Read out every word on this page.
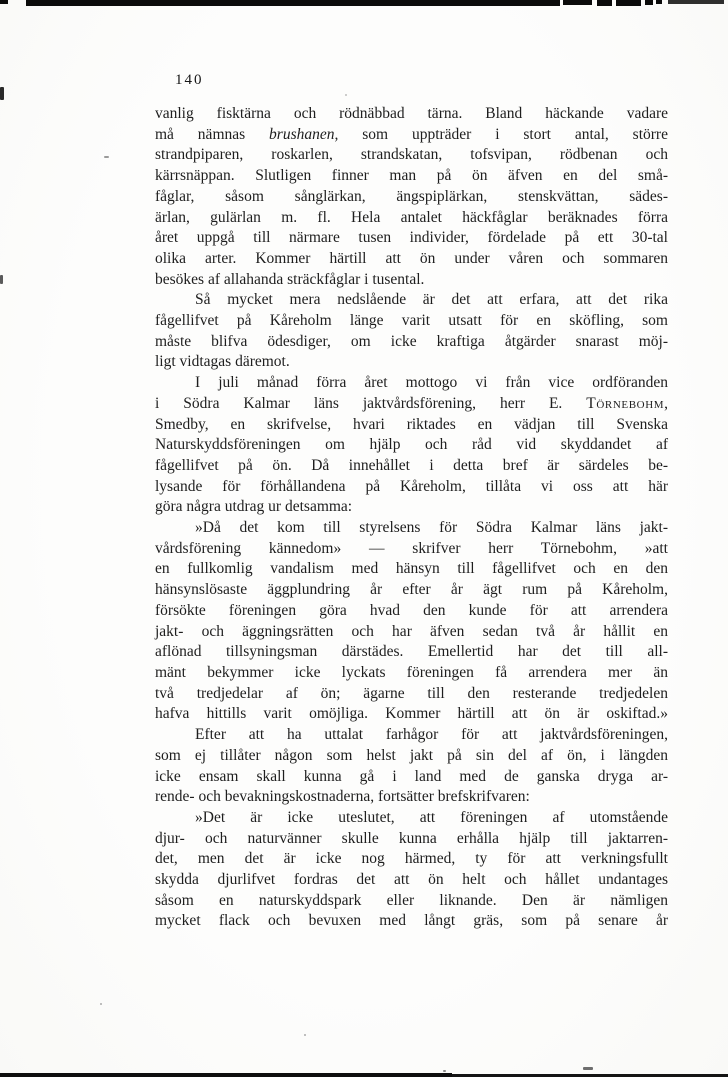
140
vanlig fisktärna och rödnäbbad tärna. Bland häckande vadare
må nämnas brushanen, som uppträder i stort antal, större
strandpiparen, roskarlen, strandskatan, tofsvipan, rödbenan och
kärrsnäppan. Slutligen finner man på ön äfven en del små-
fåglar, såsom sånglärkan, ängspiplärkan, stenskvättan, sädes-
ärlan, gulärlan m. fl. Hela antalet häckfåglar beräknades förra
året uppgå till närmare tusen individer, fördelade på ett 30-tal
olika arter. Kommer härtill att ön under våren och sommaren
besökes af allahanda sträckfåglar i tusental.
Så mycket mera nedslående är det att erfara, att det rika
fågellifvet på Kåreholm länge varit utsatt för en sköfling, som
måste blifva ödesdiger, om icke kraftiga åtgärder snarast möj-
ligt vidtagas däremot.
I juli månad förra året mottogo vi från vice ordföranden
i Södra Kalmar läns jaktvårdsförening, herr E. Törnebohm,
Smedby, en skrifvelse, hvari riktades en vädjan till Svenska
Naturskyddsföreningen om hjälp och råd vid skyddandet af
fågellifvet på ön. Då innehållet i detta bref är särdeles be-
lysande för förhållandena på Kåreholm, tillåta vi oss att här
göra några utdrag ur detsamma:
»Då det kom till styrelsens för Södra Kalmar läns jakt-
vårdsförening kännedom» — skrifver herr Törnebohm, »att
en fullkomlig vandalism med hänsyn till fågellifvet och en den
hänsynslösaste äggplundring år efter år ägt rum på Kåreholm,
försökte föreningen göra hvad den kunde för att arrendera
jakt- och äggningsrätten och har äfven sedan två år hållit en
aflönad tillsyningsman därstädes. Emellertid har det till all-
mänt bekymmer icke lyckats föreningen få arrendera mer än
två tredjedelar af ön; ägarne till den resterande tredjedelen
hafva hittills varit omöjliga. Kommer härtill att ön är oskiftad.»
Efter att ha uttalat farhågor för att jaktvårdsföreningen,
som ej tillåter någon som helst jakt på sin del af ön, i längden
icke ensam skall kunna gå i land med de ganska dryga ar-
rende- och bevakningskostnaderna, fortsätter brefskrifvaren:
»Det är icke uteslutet, att föreningen af utomstående
djur- och naturvänner skulle kunna erhålla hjälp till jaktarren-
det, men det är icke nog härmed, ty för att verkningsfullt
skydda djurlifvet fordras det att ön helt och hållet undantages
såsom en naturskyddspark eller liknande. Den är nämligen
mycket flack och bevuxen med långt gräs, som på senare år
